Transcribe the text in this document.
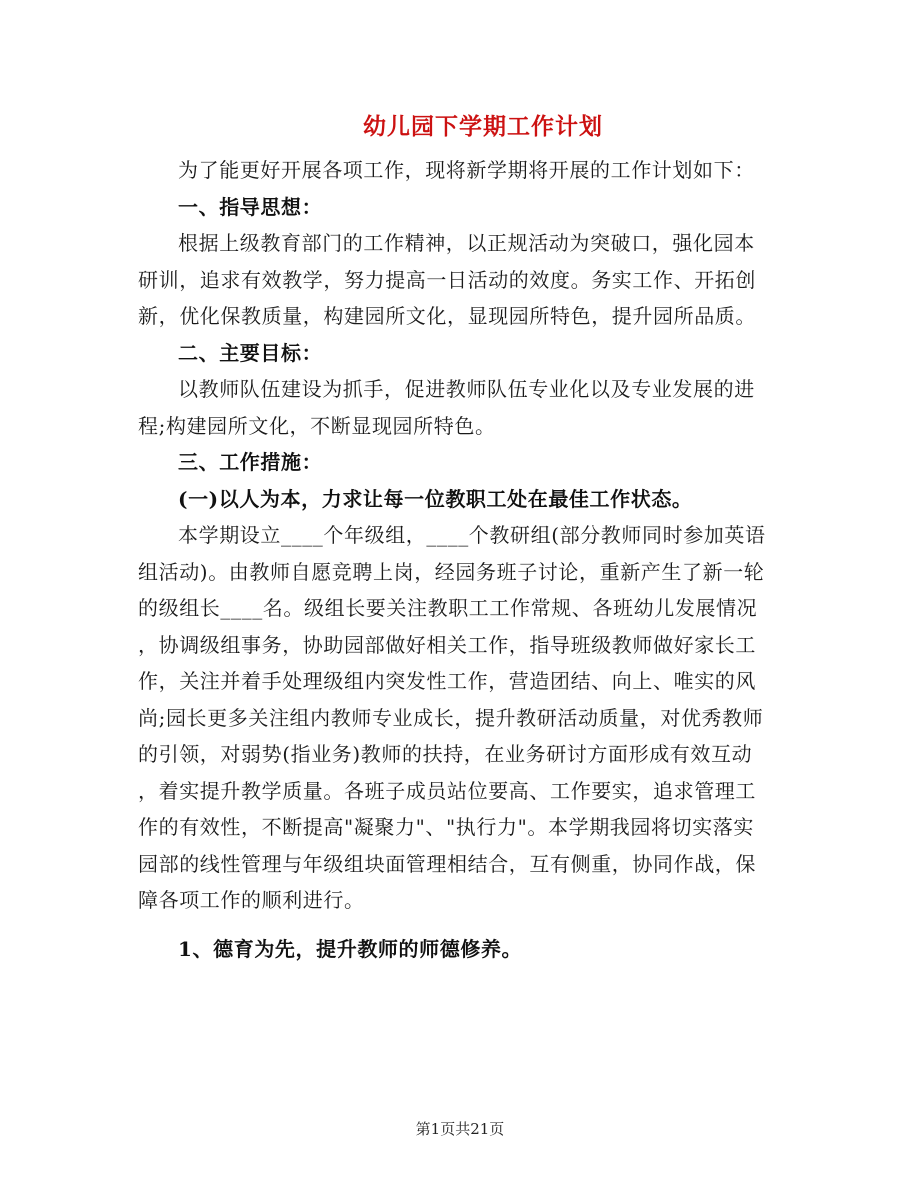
幼儿园下学期工作计划
为了能更好开展各项工作，现将新学期将开展的工作计划如下：
一、指导思想：
根据上级教育部门的工作精神，以正规活动为突破口，强化园本
研训，追求有效教学，努力提高一日活动的效度。务实工作、开拓创
新，优化保教质量，构建园所文化，显现园所特色，提升园所品质。
二、主要目标：
以教师队伍建设为抓手，促进教师队伍专业化以及专业发展的进
程;构建园所文化，不断显现园所特色。
三、工作措施：
(一)以人为本，力求让每一位教职工处在最佳工作状态。
本学期设立____个年级组，____个教研组(部分教师同时参加英语
组活动)。由教师自愿竞聘上岗，经园务班子讨论，重新产生了新一轮
的级组长____名。级组长要关注教职工工作常规、各班幼儿发展情况
，协调级组事务，协助园部做好相关工作，指导班级教师做好家长工
作，关注并着手处理级组内突发性工作，营造团结、向上、唯实的风
尚;园长更多关注组内教师专业成长，提升教研活动质量，对优秀教师
的引领，对弱势(指业务)教师的扶持，在业务研讨方面形成有效互动
，着实提升教学质量。各班子成员站位要高、工作要实，追求管理工
作的有效性，不断提高"凝聚力"、"执行力"。本学期我园将切实落实
园部的线性管理与年级组块面管理相结合，互有侧重，协同作战，保
障各项工作的顺利进行。
1、德育为先，提升教师的师德修养。
第1页共21页
